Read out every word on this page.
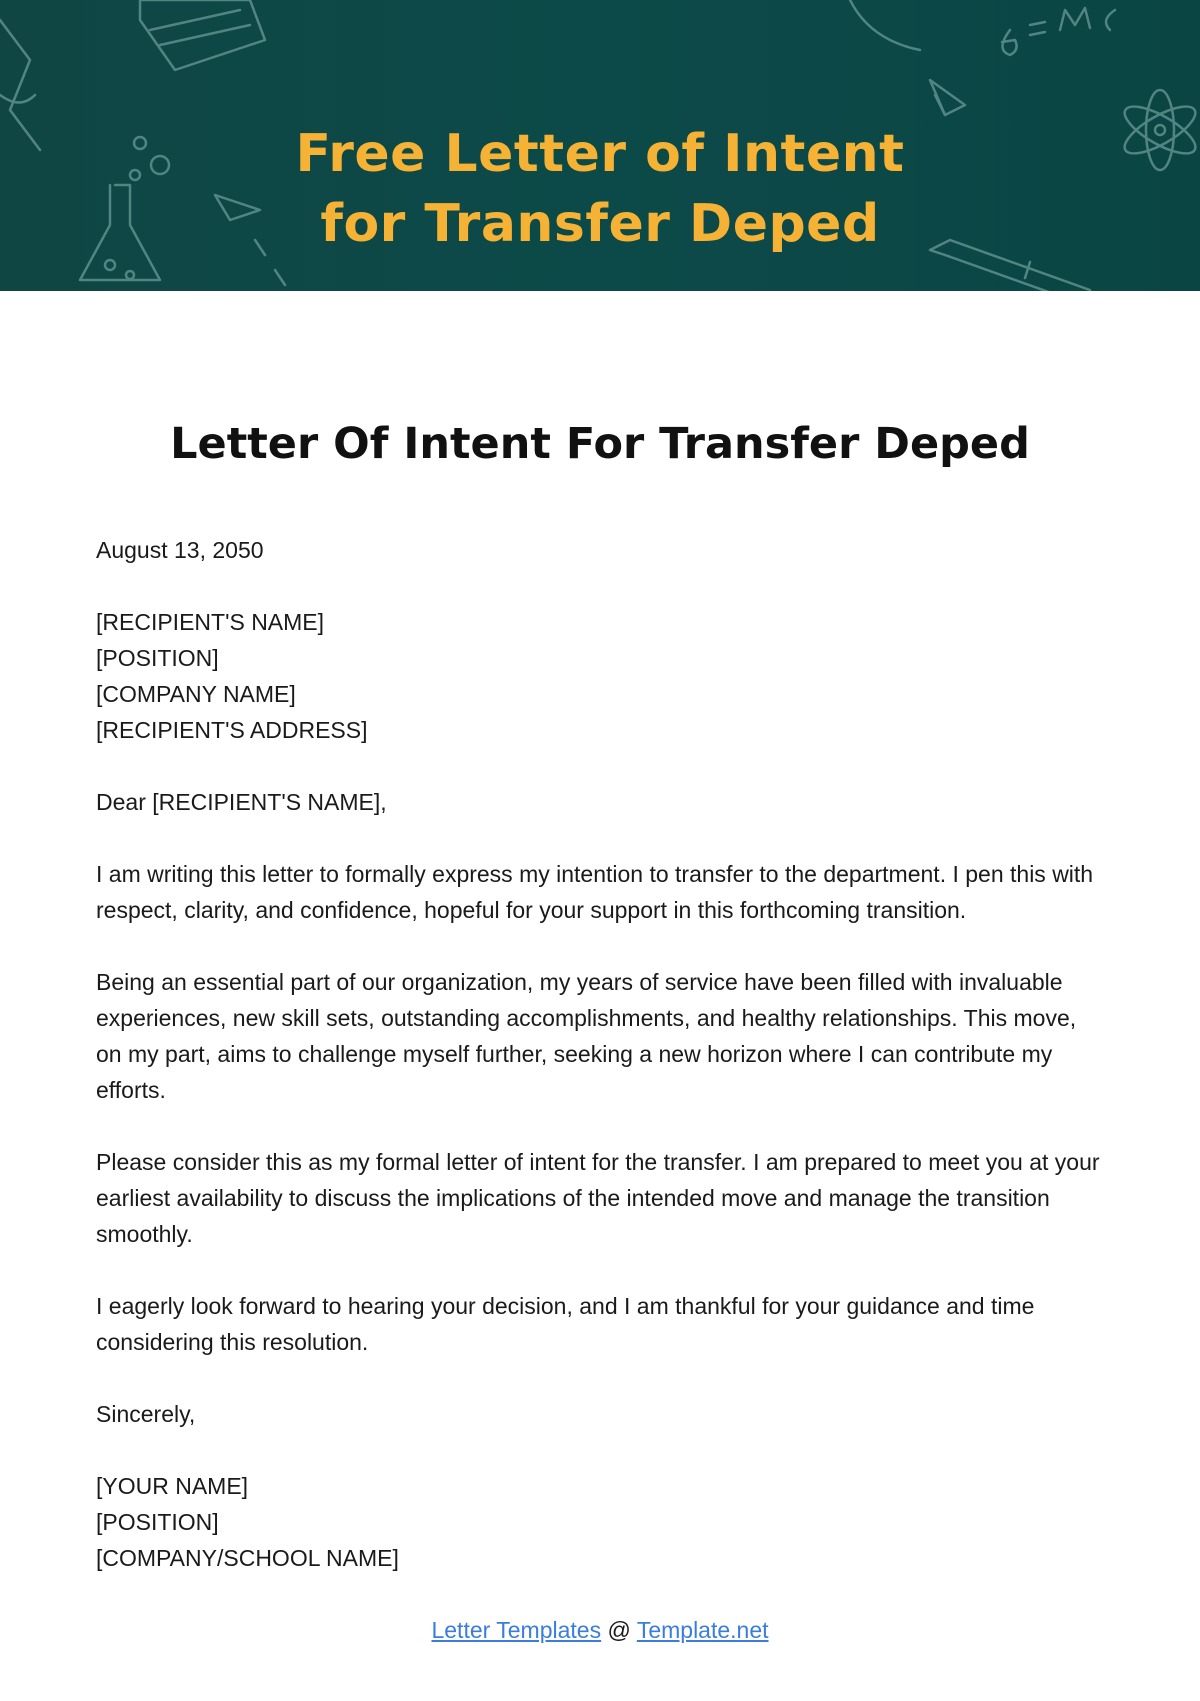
Free Letter of Intent
for Transfer Deped
Letter Of Intent For Transfer Deped

August 13, 2050

[RECIPIENT'S NAME]
[POSITION]
[COMPANY NAME]
[RECIPIENT'S ADDRESS]

Dear [RECIPIENT'S NAME],

I am writing this letter to formally express my intention to transfer to the department. I pen this with respect, clarity, and confidence, hopeful for your support in this forthcoming transition.

Being an essential part of our organization, my years of service have been filled with invaluable experiences, new skill sets, outstanding accomplishments, and healthy relationships. This move, on my part, aims to challenge myself further, seeking a new horizon where I can contribute my efforts.

Please consider this as my formal letter of intent for the transfer. I am prepared to meet you at your earliest availability to discuss the implications of the intended move and manage the transition smoothly.

I eagerly look forward to hearing your decision, and I am thankful for your guidance and time considering this resolution.

Sincerely,

[YOUR NAME]
[POSITION]
[COMPANY/SCHOOL NAME]

Letter Templates @ Template.net
